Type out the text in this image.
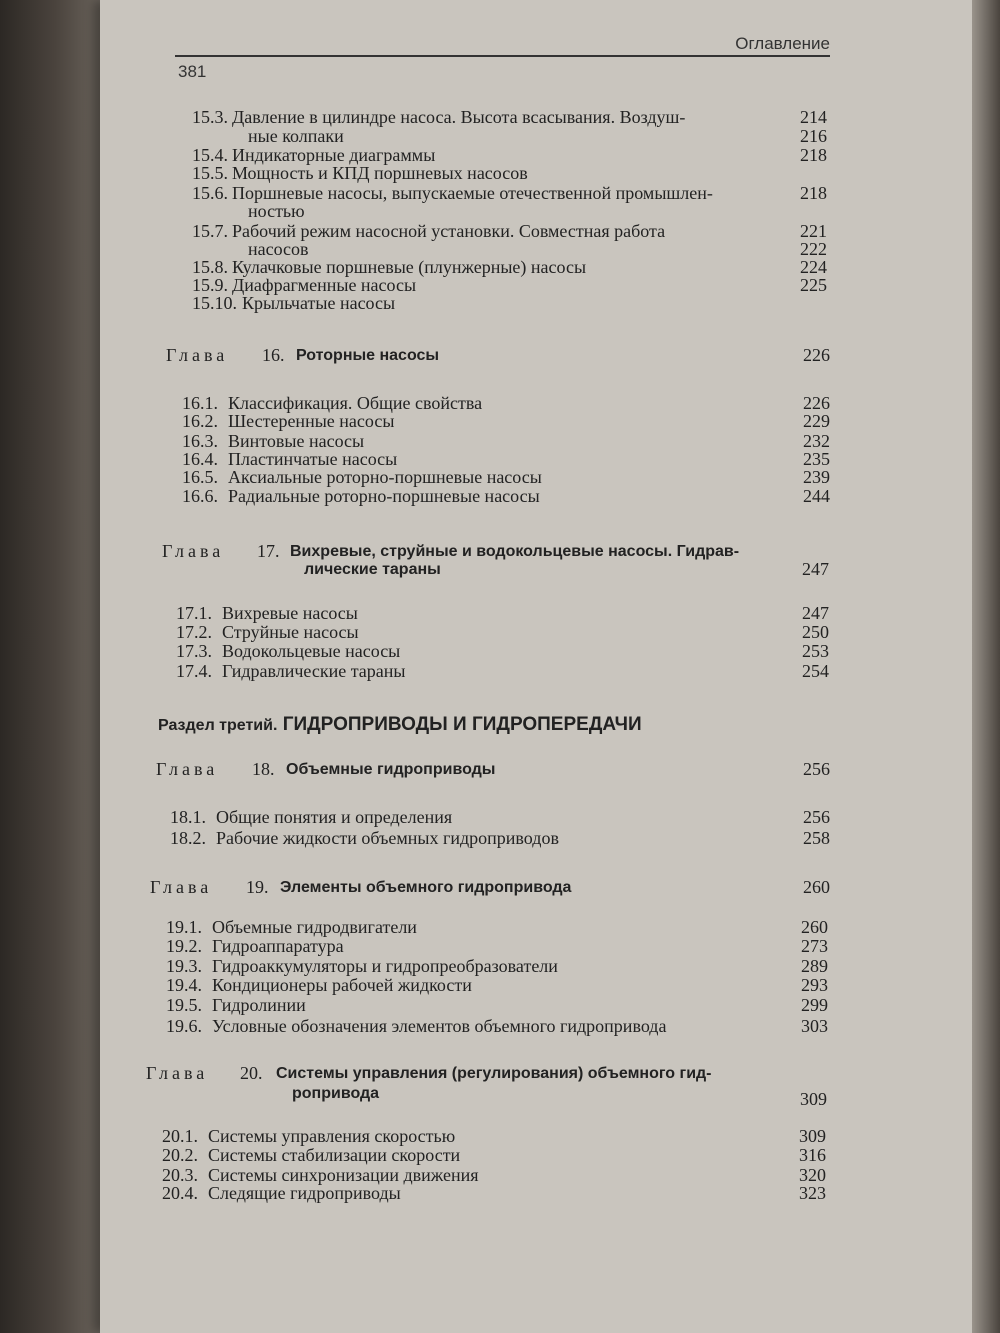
Оглавление
381
15.3. Давление в цилиндре насоса. Высота всасывания. Воздуш-	214
ные колпаки	216
15.4. Индикаторные диаграммы	218
15.5. Мощность и КПД поршневых насосов
15.6. Поршневые насосы, выпускаемые отечественной промышлен-	218
ностью
15.7. Рабочий режим насосной установки. Совместная работа	221
насосов	222
15.8. Кулачковые поршневые (плунжерные) насосы	224
15.9. Диафрагменные насосы	225
15.10. Крыльчатые насосы
Глава 16. Роторные насосы	226
16.1. Классификация. Общие свойства	226
16.2. Шестеренные насосы	229
16.3. Винтовые насосы	232
16.4. Пластинчатые насосы	235
16.5. Аксиальные роторно-поршневые насосы	239
16.6. Радиальные роторно-поршневые насосы	244
Глава 17. Вихревые, струйные и водокольцевые насосы. Гидрав-
лические тараны	247
17.1. Вихревые насосы	247
17.2. Струйные насосы	250
17.3. Водокольцевые насосы	253
17.4. Гидравлические тараны	254
Раздел третий. ГИДРОПРИВОДЫ И ГИДРОПЕРЕДАЧИ
Глава 18. Объемные гидроприводы	256
18.1. Общие понятия и определения	256
18.2. Рабочие жидкости объемных гидроприводов	258
Глава 19. Элементы объемного гидропривода	260
19.1. Объемные гидродвигатели	260
19.2. Гидроаппаратура	273
19.3. Гидроаккумуляторы и гидропреобразователи	289
19.4. Кондиционеры рабочей жидкости	293
19.5. Гидролинии	299
19.6. Условные обозначения элементов объемного гидропривода	303
Глава 20. Системы управления (регулирования) объемного гид-
ропривода	309
20.1. Системы управления скоростью	309
20.2. Системы стабилизации скорости	316
20.3. Системы синхронизации движения	320
20.4. Следящие гидроприводы	323
